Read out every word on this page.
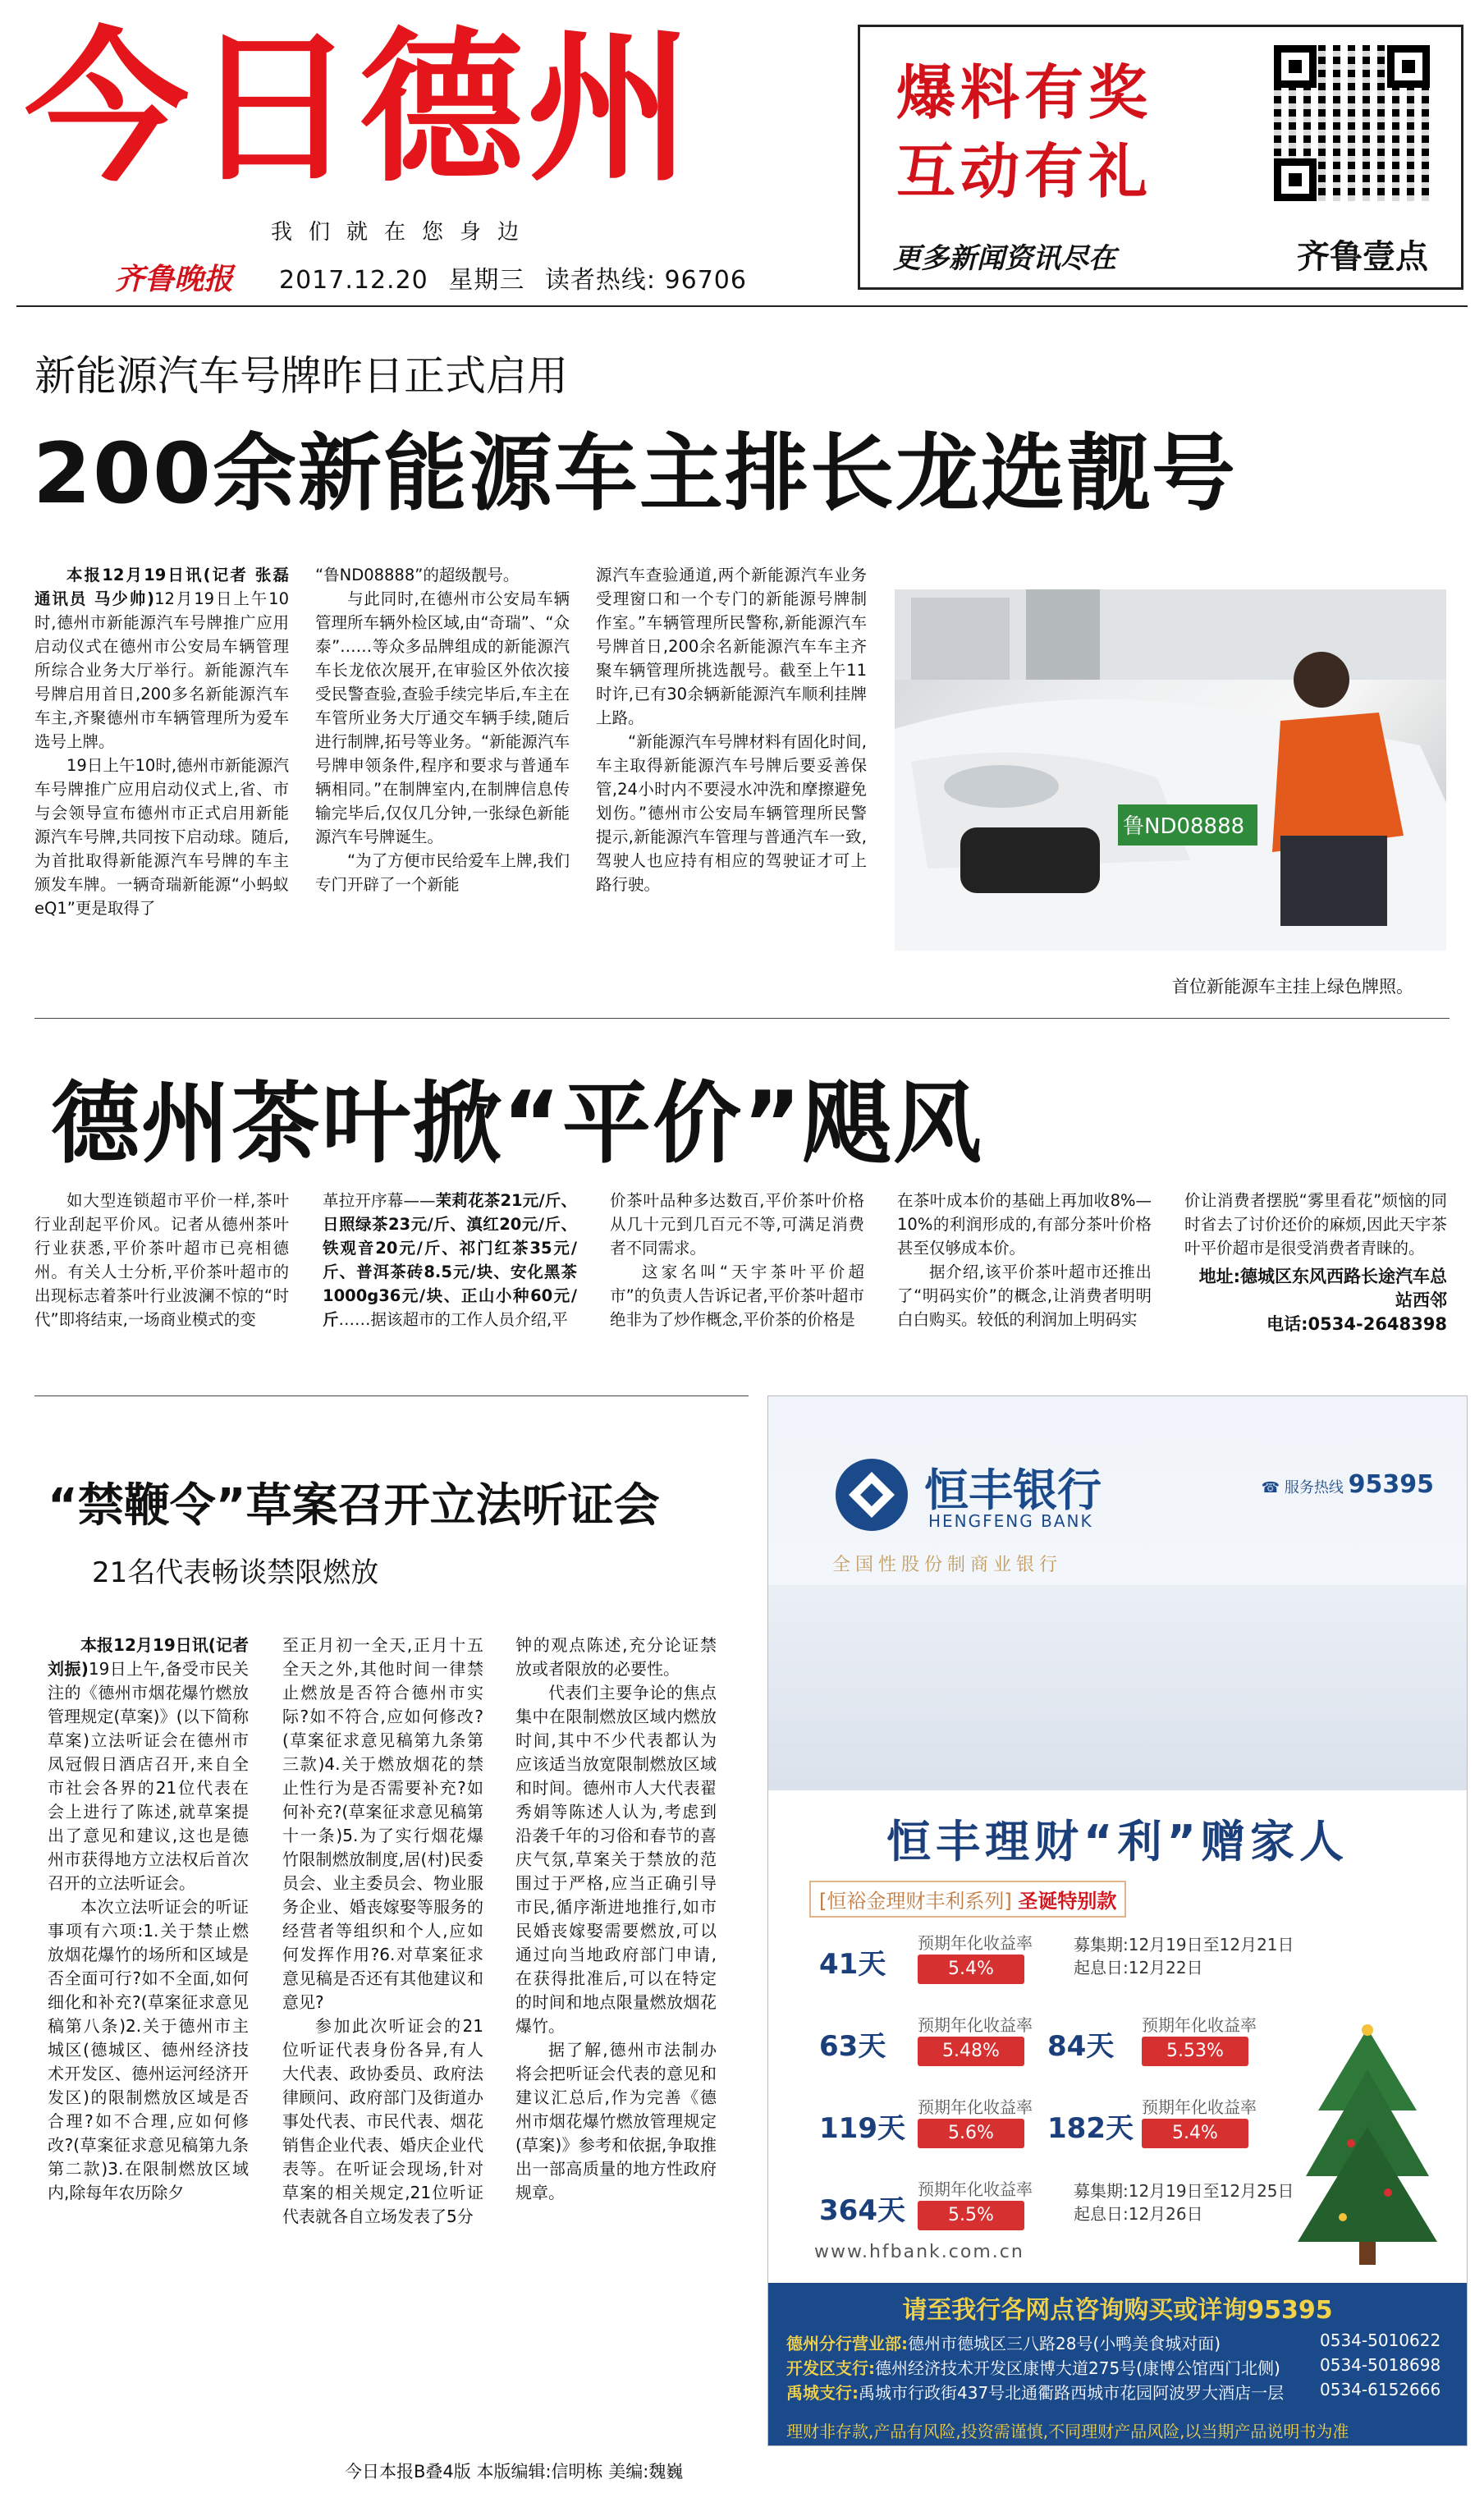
今日德州
我们就在您身边
齐鲁晚报 2017.12.20 星期三 读者热线: 96706
爆料有奖
互动有礼
更多新闻资讯尽在	齐鲁壹点
新能源汽车号牌昨日正式启用
200余新能源车主排长龙选靓号

本报12月19日讯(记者 张磊 通讯员 马少帅)12月19日上午10时,德州市新能源汽车号牌推广应用启动仪式在德州市公安局车辆管理所综合业务大厅举行。新能源汽车号牌启用首日,200多名新能源汽车车主,齐聚德州市车辆管理所为爱车选号上牌。

19日上午10时,德州市新能源汽车号牌推广应用启动仪式上,省、市与会领导宣布德州市正式启用新能源汽车号牌,共同按下启动球。随后,为首批取得新能源汽车号牌的车主颁发车牌。一辆奇瑞新能源“小蚂蚁eQ1”更是取得了

“鲁ND08888”的超级靓号。

与此同时,在德州市公安局车辆管理所车辆外检区域,由“奇瑞”、“众泰”……等众多品牌组成的新能源汽车长龙依次展开,在审验区外依次接受民警查验,查验手续完毕后,车主在车管所业务大厅通交车辆手续,随后进行制牌,拓号等业务。“新能源汽车号牌申领条件,程序和要求与普通车辆相同。”在制牌室内,在制牌信息传输完毕后,仅仅几分钟,一张绿色新能源汽车号牌诞生。

“为了方便市民给爱车上牌,我们专门开辟了一个新能

源汽车查验通道,两个新能源汽车业务受理窗口和一个专门的新能源号牌制作室。”车辆管理所民警称,新能源汽车号牌首日,200余名新能源汽车车主齐聚车辆管理所挑选靓号。截至上午11时许,已有30余辆新能源汽车顺利挂牌上路。

“新能源汽车号牌材料有固化时间,车主取得新能源汽车号牌后要妥善保管,24小时内不要浸水冲洗和摩擦避免划伤。”德州市公安局车辆管理所民警提示,新能源汽车管理与普通汽车一致,驾驶人也应持有相应的驾驶证才可上路行驶。

鲁ND08888
首位新能源车主挂上绿色牌照。
德州茶叶掀“平价”飓风

如大型连锁超市平价一样,茶叶行业刮起平价风。记者从德州茶叶行业获悉,平价茶叶超市已亮相德州。有关人士分析,平价茶叶超市的出现标志着茶叶行业波澜不惊的“时代”即将结束,一场商业模式的变

革拉开序幕——茉莉花茶21元/斤、日照绿茶23元/斤、滇红20元/斤、铁观音20元/斤、祁门红茶35元/斤、普洱茶砖8.5元/块、安化黑茶1000g36元/块、正山小种60元/斤……据该超市的工作人员介绍,平

价茶叶品种多达数百,平价茶叶价格从几十元到几百元不等,可满足消费者不同需求。

这家名叫“天宇茶叶平价超市”的负责人告诉记者,平价茶叶超市绝非为了炒作概念,平价茶的价格是

在茶叶成本价的基础上再加收8%—10%的利润形成的,有部分茶叶价格甚至仅够成本价。

据介绍,该平价茶叶超市还推出了“明码实价”的概念,让消费者明明白白购买。较低的利润加上明码实

价让消费者摆脱“雾里看花”烦恼的同时省去了讨价还价的麻烦,因此天宇茶叶平价超市是很受消费者青睐的。

地址:德城区东风西路长途汽车总站西邻
电话:0534-2648398
“禁鞭令”草案召开立法听证会
21名代表畅谈禁限燃放

本报12月19日讯(记者 刘振)19日上午,备受市民关注的《德州市烟花爆竹燃放管理规定(草案)》(以下简称草案)立法听证会在德州市凤冠假日酒店召开,来自全市社会各界的21位代表在会上进行了陈述,就草案提出了意见和建议,这也是德州市获得地方立法权后首次召开的立法听证会。

本次立法听证会的听证事项有六项:1.关于禁止燃放烟花爆竹的场所和区域是否全面可行?如不全面,如何细化和补充?(草案征求意见稿第八条)2.关于德州市主城区(德城区、德州经济技术开发区、德州运河经济开发区)的限制燃放区域是否合理?如不合理,应如何修改?(草案征求意见稿第九条第二款)3.在限制燃放区域内,除每年农历除夕

至正月初一全天,正月十五全天之外,其他时间一律禁止燃放是否符合德州市实际?如不符合,应如何修改?(草案征求意见稿第九条第三款)4.关于燃放烟花的禁止性行为是否需要补充?如何补充?(草案征求意见稿第十一条)5.为了实行烟花爆竹限制燃放制度,居(村)民委员会、业主委员会、物业服务企业、婚丧嫁娶等服务的经营者等组织和个人,应如何发挥作用?6.对草案征求意见稿是否还有其他建议和意见?

参加此次听证会的21位听证代表身份各异,有人大代表、政协委员、政府法律顾问、政府部门及街道办事处代表、市民代表、烟花销售企业代表、婚庆企业代表等。在听证会现场,针对草案的相关规定,21位听证代表就各自立场发表了5分

钟的观点陈述,充分论证禁放或者限放的必要性。

代表们主要争论的焦点集中在限制燃放区域内燃放时间,其中不少代表都认为应该适当放宽限制燃放区域和时间。德州市人大代表翟秀娟等陈述人认为,考虑到沿袭千年的习俗和春节的喜庆气氛,草案关于禁放的范围过于严格,应当正确引导市民,循序渐进地推行,如市民婚丧嫁娶需要燃放,可以通过向当地政府部门申请,在获得批准后,可以在特定的时间和地点限量燃放烟花爆竹。

据了解,德州市法制办将会把听证会代表的意见和建议汇总后,作为完善《德州市烟花爆竹燃放管理规定(草案)》参考和依据,争取推出一部高质量的地方性政府规章。

恒丰银行
HENGFENG BANK
☎ 服务热线 95395
全国性股份制商业银行
恒丰理财“利”赠家人
[恒裕金理财丰利系列] 圣诞特别款
41天
预期年化收益率
5.4%
募集期:12月19日至12月21日
起息日:12月22日
63天
预期年化收益率
5.48%	84天
预期年化收益率
5.53%
119天
预期年化收益率
5.6%	182天
预期年化收益率
5.4%
364天
预期年化收益率
5.5%
募集期:12月19日至12月25日
起息日:12月26日
www.hfbank.com.cn
请至我行各网点咨询购买或详询95395
德州分行营业部:德州市德城区三八路28号(小鸭美食城对面)	0534-5010622
开发区支行:德州经济技术开发区康博大道275号(康博公馆西门北侧) 0534-5018698
禹城支行:禹城市行政街437号北通衢路西城市花园阿波罗大酒店一层 0534-6152666
理财非存款,产品有风险,投资需谨慎,不同理财产品风险,以当期产品说明书为准
今日本报B叠4版 本版编辑:信明栋 美编:魏巍
